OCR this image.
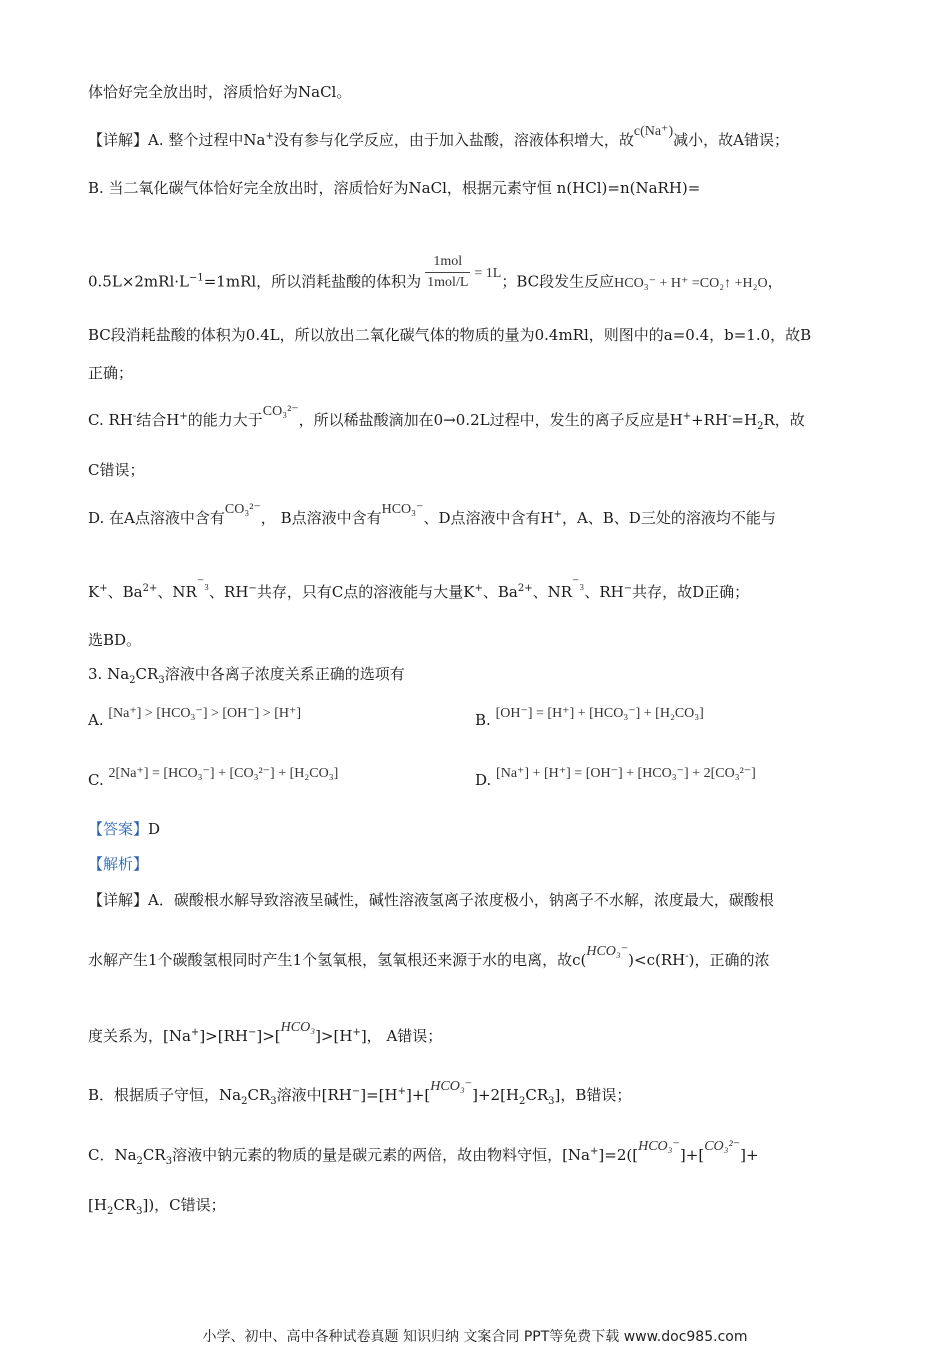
体恰好完全放出时，溶质恰好为NaCl。
【详解】A. 整个过程中Na+没有参与化学反应，由于加入盐酸，溶液体积增大，故c(Na⁺)减小，故A错误；
B. 当二氧化碳气体恰好完全放出时，溶质恰好为NaCl，根据元素守恒 n(HCl)=n(NaRH)=
$0.5L\times 2mRl\cdot L^{-1}=1mRl$，所以消耗盐酸的体积为 $\frac{\text{1mol}}{\text{1mol/L}} = 1L$；BC段发生反应HCO₃⁻ + H⁺ =CO₂↑ +H₂O，
BC段消耗盐酸的体积为0.4L，所以放出二氧化碳气体的物质的量为0.4mRl，则图中的a=0.4，b=1.0，故B
正确；
C. RH-结合H+的能力大于CO₃²⁻，所以稀盐酸滴加在0→0.2L过程中，发生的离子反应是$H^++RH^-=H_2R$，故
C错误；
D. 在A点溶液中含有CO₃²⁻， B点溶液中含有HCO₃⁻、D点溶液中含有H+，A、B、D三处的溶液均不能与
K+、$Ba^{2+}$、NR⁻₃、RH−共存，只有C点的溶液能与大量K+、$Ba^{2+}$、NR⁻₃、RH−共存，故D正确；
选BD。
3. $Na_2CR_3$溶液中各离子浓度关系正确的选项有
A. [Na⁺] > [HCO₃⁻] > [OH⁻] > [H⁺]	B. [OH⁻] = [H⁺] + [HCO₃⁻] + [H₂CO₃]
C. 2[Na⁺] = [HCO₃⁻] + [CO₃²⁻] + [H₂CO₃]	D. [Na⁺] + [H⁺] = [OH⁻] + [HCO₃⁻] + 2[CO₃²⁻]
【答案】D
【解析】
【详解】A．碳酸根水解导致溶液呈碱性，碱性溶液氢离子浓度极小，钠离子不水解，浓度最大，碳酸根
水解产生1个碳酸氢根同时产生1个氢氧根，氢氧根还来源于水的电离，故c(HCO₃⁻)<c(RH-)，正确的浓
度关系为，[Na+]>[RH−]>[HCO₃]>[H+]， A错误；
B．根据质子守恒，$Na_2CR_3$溶液中$[RH^-]=[H^+]+[HCO_3^-]+2[H_2CR_3]$，B错误；
C．$Na_2CR_3$溶液中钠元素的物质的量是碳元素的两倍，故由物料守恒，[Na+]=2([HCO₃⁻]+[CO₃²⁻]+
$[H_2CR_3]$)，C错误；
小学、初中、高中各种试卷真题 知识归纳 文案合同 PPT等免费下载 www.doc985.com
